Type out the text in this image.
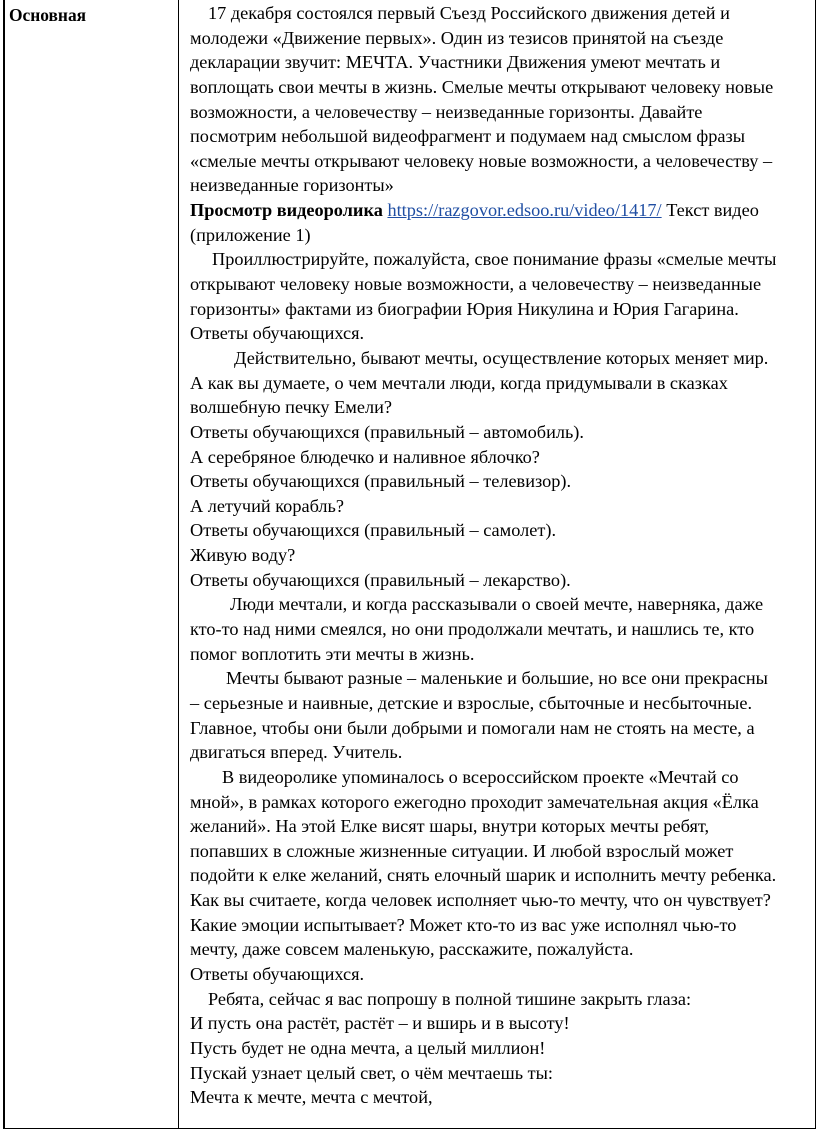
Основная	17 декабря состоялся первый Съезд Российского движения детей и
молодежи «Движение первых». Один из тезисов принятой на съезде
декларации звучит: МЕЧТА. Участники Движения умеют мечтать и
воплощать свои мечты в жизнь. Смелые мечты открывают человеку новые
возможности, а человечеству – неизведанные горизонты. Давайте
посмотрим небольшой видеофрагмент и подумаем над смыслом фразы
«смелые мечты открывают человеку новые возможности, а человечеству –
неизведанные горизонты»
Просмотр видеоролика https://razgovor.edsoo.ru/video/1417/ Текст видео
(приложение 1)
Проиллюстрируйте, пожалуйста, свое понимание фразы «смелые мечты
открывают человеку новые возможности, а человечеству – неизведанные
горизонты» фактами из биографии Юрия Никулина и Юрия Гагарина.
Ответы обучающихся.
Действительно, бывают мечты, осуществление которых меняет мир.
А как вы думаете, о чем мечтали люди, когда придумывали в сказках
волшебную печку Емели?
Ответы обучающихся (правильный – автомобиль).
А серебряное блюдечко и наливное яблочко?
Ответы обучающихся (правильный – телевизор).
А летучий корабль?
Ответы обучающихся (правильный – самолет).
Живую воду?
Ответы обучающихся (правильный – лекарство).
Люди мечтали, и когда рассказывали о своей мечте, наверняка, даже
кто-то над ними смеялся, но они продолжали мечтать, и нашлись те, кто
помог воплотить эти мечты в жизнь.
Мечты бывают разные – маленькие и большие, но все они прекрасны
– серьезные и наивные, детские и взрослые, сбыточные и несбыточные.
Главное, чтобы они были добрыми и помогали нам не стоять на месте, а
двигаться вперед. Учитель.
В видеоролике упоминалось о всероссийском проекте «Мечтай со
мной», в рамках которого ежегодно проходит замечательная акция «Ёлка
желаний». На этой Елке висят шары, внутри которых мечты ребят,
попавших в сложные жизненные ситуации. И любой взрослый может
подойти к елке желаний, снять елочный шарик и исполнить мечту ребенка.
Как вы считаете, когда человек исполняет чью-то мечту, что он чувствует?
Какие эмоции испытывает? Может кто-то из вас уже исполнял чью-то
мечту, даже совсем маленькую, расскажите, пожалуйста.
Ответы обучающихся.
Ребята, сейчас я вас попрошу в полной тишине закрыть глаза:
И пусть она растёт, растёт – и вширь и в высоту!
Пусть будет не одна мечта, а целый миллион!
Пускай узнает целый свет, о чём мечтаешь ты:
Мечта к мечте, мечта с мечтой,
